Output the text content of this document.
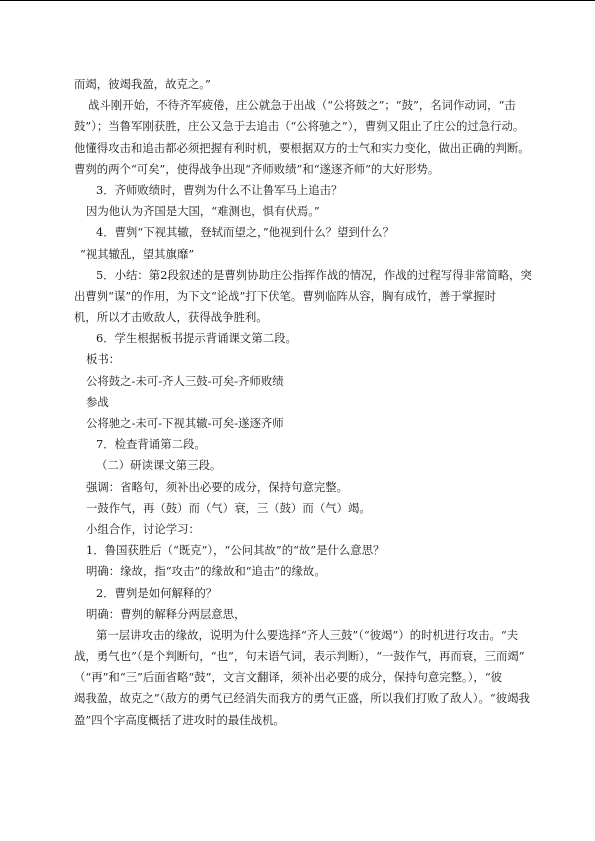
而竭，彼竭我盈，故克之。”
战斗刚开始，不待齐军疲倦，庄公就急于出战（“公将鼓之”；“鼓”，名词作动词，“击
鼓”）；当鲁军刚获胜，庄公又急于去追击（“公将驰之”），曹刿又阻止了庄公的过急行动。
他懂得攻击和追击都必须把握有利时机，要根据双方的士气和实力变化，做出正确的判断。
曹刿的两个“可矣”，使得战争出现“齐师败绩”和“遂逐齐师”的大好形势。
3．齐师败绩时，曹刿为什么不让鲁军马上追击？
因为他认为齐国是大国，“难测也，惧有伏焉。”
4．曹刿“下视其辙，登轼而望之，”他视到什么？望到什么？
“视其辙乱，望其旗靡”
5．小结：第2段叙述的是曹刿协助庄公指挥作战的情况，作战的过程写得非常简略，突
出曹刿“谋”的作用，为下文“论战”打下伏笔。曹刿临阵从容，胸有成竹，善于掌握时
机，所以才击败敌人，获得战争胜利。
6．学生根据板书提示背诵课文第二段。
板书：
公将鼓之-未可-齐人三鼓-可矣-齐师败绩
参战
公将驰之-未可-下视其辙-可矣-遂逐齐师
7．检查背诵第二段。
（二）研读课文第三段。
强调：省略句，须补出必要的成分，保持句意完整。
一鼓作气，再（鼓）而（气）衰，三（鼓）而（气）竭。
小组合作，讨论学习：
1．鲁国获胜后（“既克”），“公问其故”的“故”是什么意思？
明确：缘故，指“攻击”的缘故和“追击”的缘故。
2．曹刿是如何解释的？
明确：曹刿的解释分两层意思，
第一层讲攻击的缘故，说明为什么要选择“齐人三鼓”（“彼竭”）的时机进行攻击。“夫
战，勇气也”（是个判断句，“也”，句末语气词，表示判断），“一鼓作气，再而衰，三而竭”
（“再”和“三”后面省略“鼓”，文言文翻译，须补出必要的成分，保持句意完整。），“彼
竭我盈，故克之”（敌方的勇气已经消失而我方的勇气正盛，所以我们打败了敌人）。“彼竭我
盈”四个字高度概括了进攻时的最佳战机。
